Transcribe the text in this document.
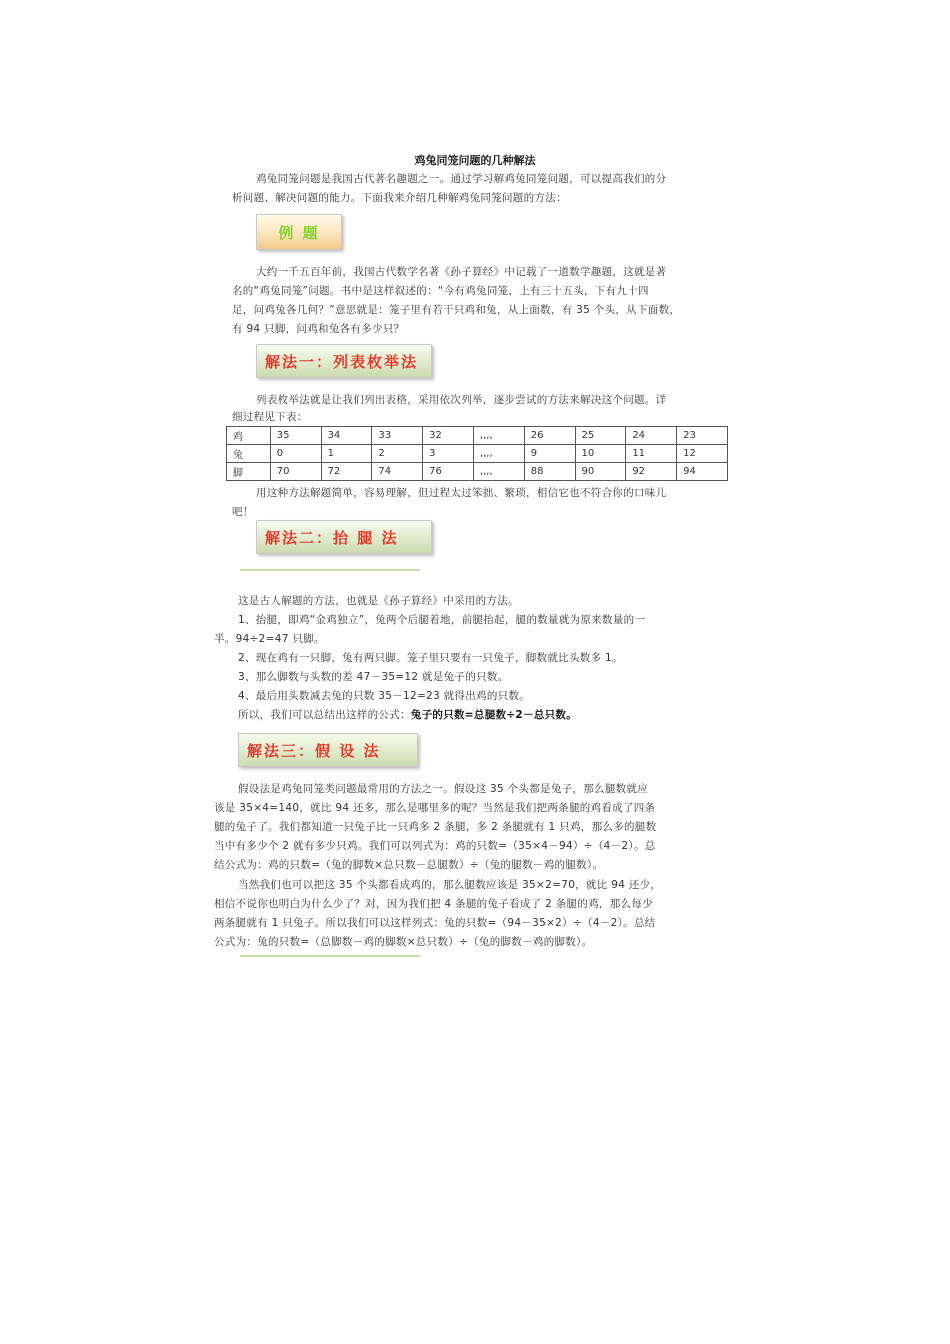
鸡兔同笼问题的几种解法
鸡兔同笼问题是我国古代著名趣题之一。通过学习解鸡兔同笼问题，可以提高我们的分
析问题、解决问题的能力。下面我来介绍几种解鸡兔同笼问题的方法：
例 题
大约一千五百年前，我国古代数学名著《孙子算经》中记载了一道数学趣题，这就是著
名的“鸡兔同笼”问题。书中是这样叙述的：“今有鸡兔同笼，上有三十五头，下有九十四
足，问鸡兔各几何？”意思就是：笼子里有若干只鸡和兔，从上面数，有 35 个头，从下面数，
有 94 只脚，问鸡和兔各有多少只？
解法一：列表枚举法
列表枚举法就是让我们列出表格，采用依次列举，逐步尝试的方法来解决这个问题。详
细过程见下表：
鸡	35	34	33	32	,,,,	26	25	24	23
兔	0	1	2	3	,,,,	9	10	11	12
脚	70	72	74	76	,,,,	88	90	92	94
用这种方法解题简单，容易理解，但过程太过笨拙、繁琐，相信它也不符合你的口味儿
吧！
解法二：抬 腿 法
这是古人解题的方法，也就是《孙子算经》中采用的方法。
1、抬腿，即鸡“金鸡独立”，兔两个后腿着地，前腿抬起，腿的数量就为原来数量的一
半。94÷2=47 只脚。
2、现在鸡有一只脚，兔有两只脚。笼子里只要有一只兔子，脚数就比头数多 1。
3、那么脚数与头数的差 47－35=12 就是兔子的只数。
4、最后用头数减去兔的只数 35－12=23 就得出鸡的只数。
所以，我们可以总结出这样的公式：兔子的只数=总腿数÷2－总只数。
解法三：假 设 法
假设法是鸡兔同笼类问题最常用的方法之一。假设这 35 个头都是兔子，那么腿数就应
该是 35×4=140，就比 94 还多，那么是哪里多的呢？当然是我们把两条腿的鸡看成了四条
腿的兔子了。我们都知道一只兔子比一只鸡多 2 条腿，多 2 条腿就有 1 只鸡，那么多的腿数
当中有多少个 2 就有多少只鸡。我们可以列式为：鸡的只数=（35×4－94）÷（4－2）。总
结公式为：鸡的只数=（兔的脚数×总只数－总腿数）÷（兔的腿数－鸡的腿数）。
当然我们也可以把这 35 个头都看成鸡的，那么腿数应该是 35×2=70，就比 94 还少，
相信不说你也明白为什么少了？对，因为我们把 4 条腿的兔子看成了 2 条腿的鸡，那么每少
两条腿就有 1 只兔子。所以我们可以这样列式：兔的只数=（94－35×2）÷（4－2）。总结
公式为：兔的只数=（总脚数－鸡的脚数×总只数）÷（兔的脚数－鸡的脚数）。
